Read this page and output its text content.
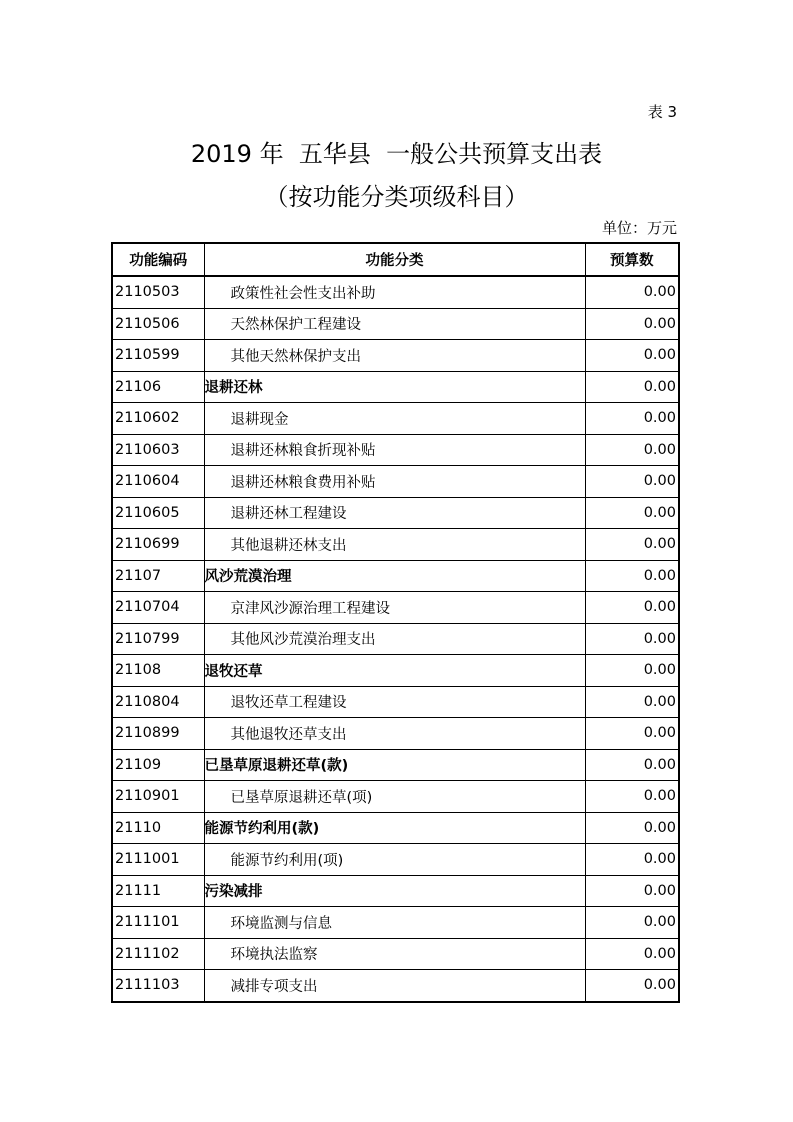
表 3
2019 年  五华县  一般公共预算支出表
（按功能分类项级科目）
单位：万元
功能编码	功能分类	预算数
2110503	政策性社会性支出补助	0.00
2110506	天然林保护工程建设	0.00
2110599	其他天然林保护支出	0.00
21106	退耕还林	0.00
2110602	退耕现金	0.00
2110603	退耕还林粮食折现补贴	0.00
2110604	退耕还林粮食费用补贴	0.00
2110605	退耕还林工程建设	0.00
2110699	其他退耕还林支出	0.00
21107	风沙荒漠治理	0.00
2110704	京津风沙源治理工程建设	0.00
2110799	其他风沙荒漠治理支出	0.00
21108	退牧还草	0.00
2110804	退牧还草工程建设	0.00
2110899	其他退牧还草支出	0.00
21109	已垦草原退耕还草(款)	0.00
2110901	已垦草原退耕还草(项)	0.00
21110	能源节约利用(款)	0.00
2111001	能源节约利用(项)	0.00
21111	污染减排	0.00
2111101	环境监测与信息	0.00
2111102	环境执法监察	0.00
2111103	减排专项支出	0.00
